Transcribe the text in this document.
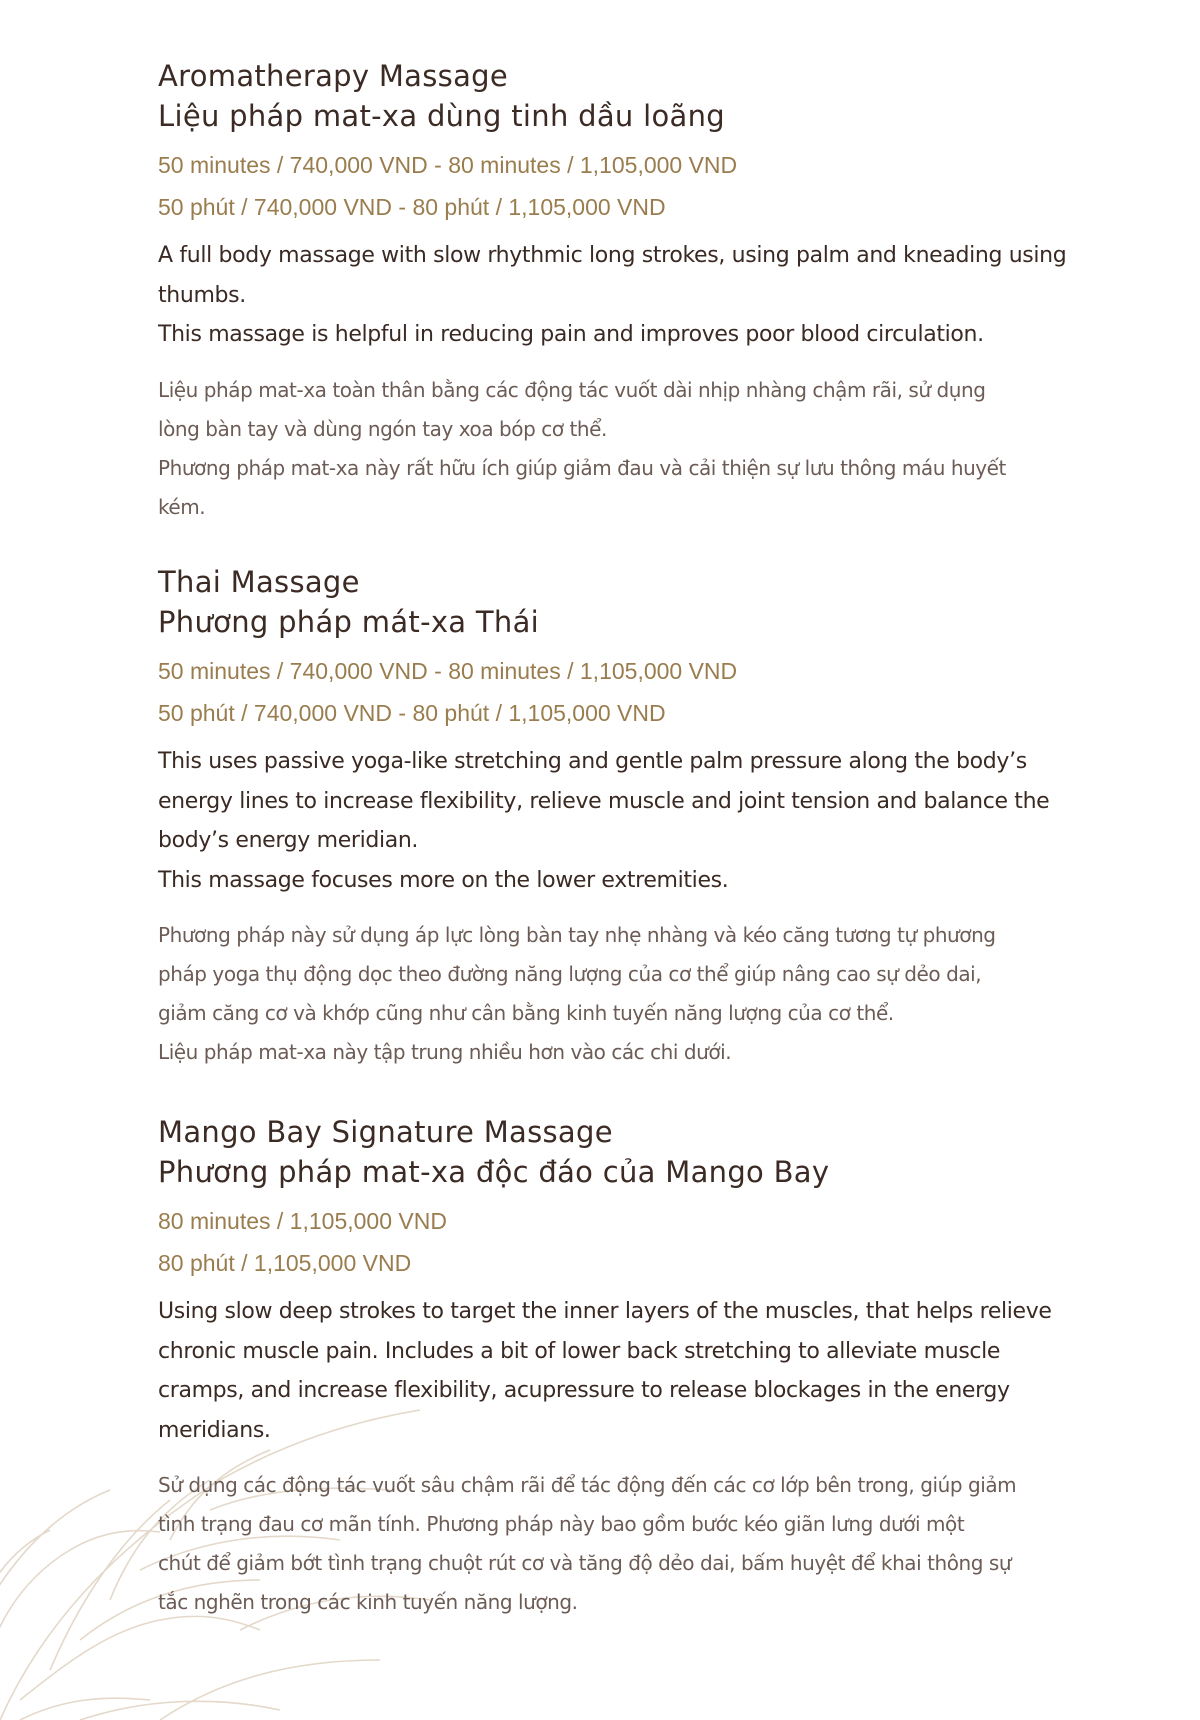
Aromatherapy Massage
Liệu pháp mat-xa dùng tinh dầu loãng

50 minutes / 740,000 VND - 80 minutes / 1,105,000 VND

50 phút / 740,000 VND - 80 phút / 1,105,000 VND

A full body massage with slow rhythmic long strokes, using palm and kneading using
thumbs.
This massage is helpful in reducing pain and improves poor blood circulation.

Liệu pháp mat-xa toàn thân bằng các động tác vuốt dài nhịp nhàng chậm rãi, sử dụng
lòng bàn tay và dùng ngón tay xoa bóp cơ thể.
Phương pháp mat-xa này rất hữu ích giúp giảm đau và cải thiện sự lưu thông máu huyết
kém.

Thai Massage
Phương pháp mát-xa Thái

50 minutes / 740,000 VND - 80 minutes / 1,105,000 VND

50 phút / 740,000 VND - 80 phút / 1,105,000 VND

This uses passive yoga-like stretching and gentle palm pressure along the body’s
energy lines to increase flexibility, relieve muscle and joint tension and balance the
body’s energy meridian.
This massage focuses more on the lower extremities.

Phương pháp này sử dụng áp lực lòng bàn tay nhẹ nhàng và kéo căng tương tự phương
pháp yoga thụ động dọc theo đường năng lượng của cơ thể giúp nâng cao sự dẻo dai,
giảm căng cơ và khớp cũng như cân bằng kinh tuyến năng lượng của cơ thể.
Liệu pháp mat-xa này tập trung nhiều hơn vào các chi dưới.

Mango Bay Signature Massage
Phương pháp mat-xa độc đáo của Mango Bay

80 minutes / 1,105,000 VND

80 phút / 1,105,000 VND

Using slow deep strokes to target the inner layers of the muscles, that helps relieve
chronic muscle pain. Includes a bit of lower back stretching to alleviate muscle
cramps, and increase flexibility, acupressure to release blockages in the energy
meridians.

Sử dụng các động tác vuốt sâu chậm rãi để tác động đến các cơ lớp bên trong, giúp giảm
tình trạng đau cơ mãn tính. Phương pháp này bao gồm bước kéo giãn lưng dưới một
chút để giảm bớt tình trạng chuột rút cơ và tăng độ dẻo dai, bấm huyệt để khai thông sự
tắc nghẽn trong các kinh tuyến năng lượng.
